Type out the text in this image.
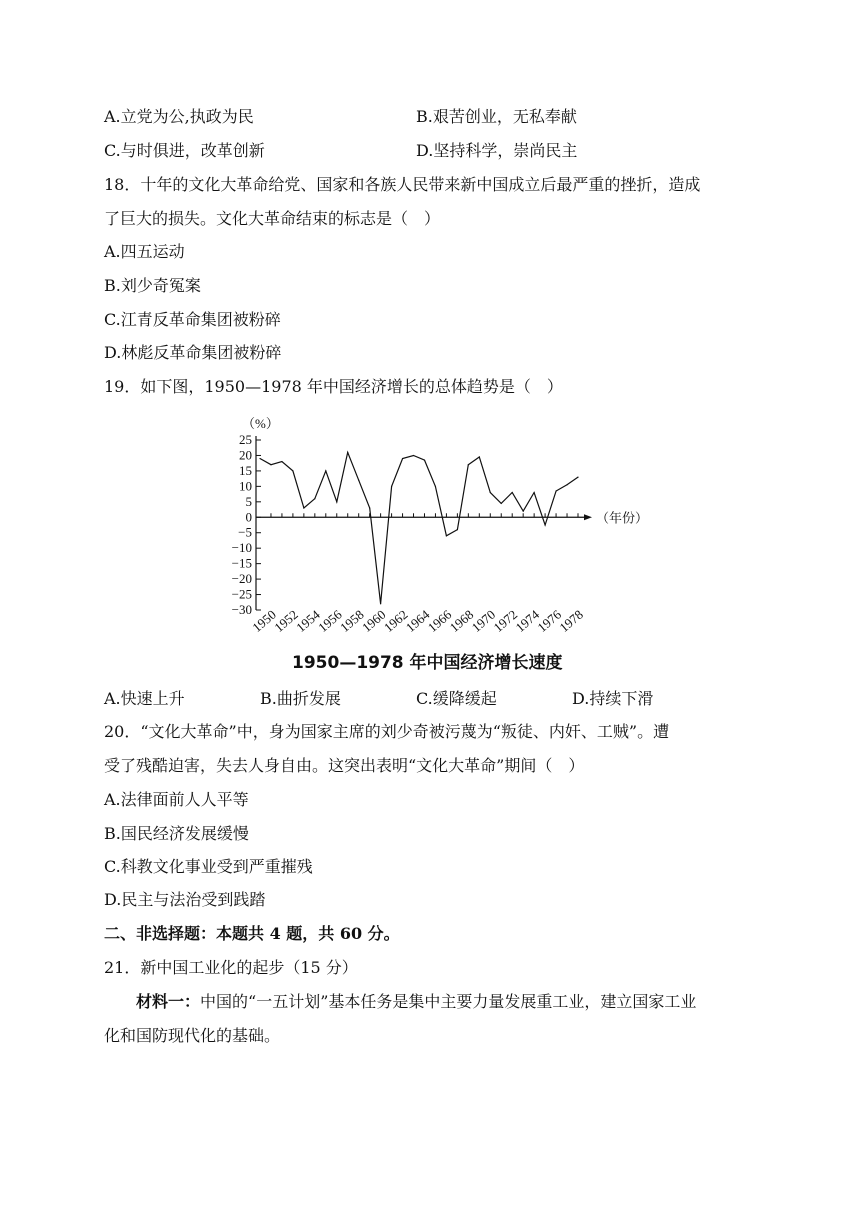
A.立党为公,执政为民	B.艰苦创业，无私奉献
C.与时俱进，改革创新	D.坚持科学，崇尚民主
18．十年的文化大革命给党、国家和各族人民带来新中国成立后最严重的挫折，造成
了巨大的损失。文化大革命结束的标志是（　）
A.四五运动
B.刘少奇冤案
C.江青反革命集团被粉碎
D.林彪反革命集团被粉碎
19．如下图，1950—1978 年中国经济增长的总体趋势是（　）
（%）
25
20
15
10
5
0
−5
−10
−15
−20
−25
−30
1950
1952
1954
1956
1958
1960
1962
1964
1966
1968
1970
1972
1974
1976
1978
（年份）
1950—1978 年中国经济增长速度
A.快速上升	B.曲折发展	C.缓降缓起	D.持续下滑
20．“文化大革命”中，身为国家主席的刘少奇被污蔑为“叛徒、内奸、工贼”。遭
受了残酷迫害，失去人身自由。这突出表明“文化大革命”期间（　）
A.法律面前人人平等
B.国民经济发展缓慢
C.科教文化事业受到严重摧残
D.民主与法治受到践踏
二、非选择题：本题共 4 题，共 60 分。
21．新中国工业化的起步（15 分）
材料一：中国的“一五计划”基本任务是集中主要力量发展重工业，建立国家工业
化和国防现代化的基础。
